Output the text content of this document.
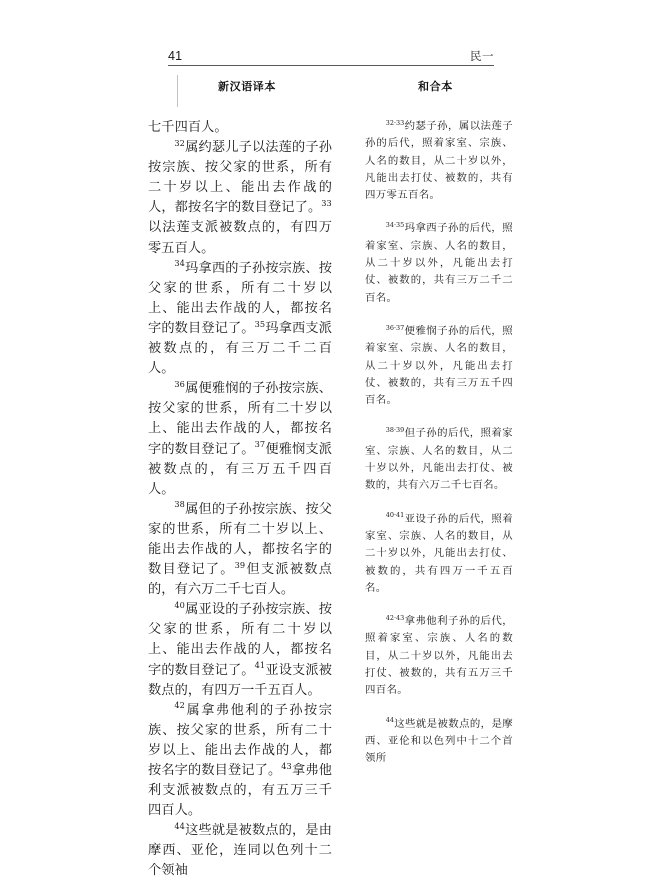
41	民一
新汉语译本	和合本

七千四百人。

$^{32}$属约瑟儿子以法莲的子孙按宗族、按父家的世系，所有二十岁以上、能出去作战的人，都按名字的数目登记了。$^{33}$以法莲支派被数点的，有四万零五百人。

$^{34}$玛拿西的子孙按宗族、按父家的世系，所有二十岁以上、能出去作战的人，都按名字的数目登记了。$^{35}$玛拿西支派被数点的，有三万二千二百人。

$^{36}$属便雅悯的子孙按宗族、按父家的世系，所有二十岁以上、能出去作战的人，都按名字的数目登记了。$^{37}$便雅悯支派被数点的，有三万五千四百人。

$^{38}$属但的子孙按宗族、按父家的世系，所有二十岁以上、能出去作战的人，都按名字的数目登记了。$^{39}$但支派被数点的，有六万二千七百人。

$^{40}$属亚设的子孙按宗族、按父家的世系，所有二十岁以上、能出去作战的人，都按名字的数目登记了。$^{41}$亚设支派被数点的，有四万一千五百人。

$^{42}$属拿弗他利的子孙按宗族、按父家的世系，所有二十岁以上、能出去作战的人，都按名字的数目登记了。$^{43}$拿弗他利支派被数点的，有五万三千四百人。

$^{44}$这些就是被数点的，是由摩西、亚伦，连同以色列十二个领袖

$^{32\cdot 33}$约瑟子孙，属以法莲子孙的后代，照着家室、宗族、人名的数目，从二十岁以外，凡能出去打仗、被数的，共有四万零五百名。

$^{34\cdot 35}$玛拿西子孙的后代，照着家室、宗族、人名的数目，从二十岁以外，凡能出去打仗、被数的，共有三万二千二百名。

$^{36\cdot 37}$便雅悯子孙的后代，照着家室、宗族、人名的数目，从二十岁以外，凡能出去打仗、被数的，共有三万五千四百名。

$^{38\cdot 39}$但子孙的后代，照着家室、宗族、人名的数目，从二十岁以外，凡能出去打仗、被数的，共有六万二千七百名。

$^{40\cdot 41}$亚设子孙的后代，照着家室、宗族、人名的数目，从二十岁以外，凡能出去打仗、被数的，共有四万一千五百名。

$^{42\cdot 43}$拿弗他利子孙的后代，照着家室、宗族、人名的数目，从二十岁以外，凡能出去打仗、被数的，共有五万三千四百名。

$^{44}$这些就是被数点的，是摩西、亚伦和以色列中十二个首领所
